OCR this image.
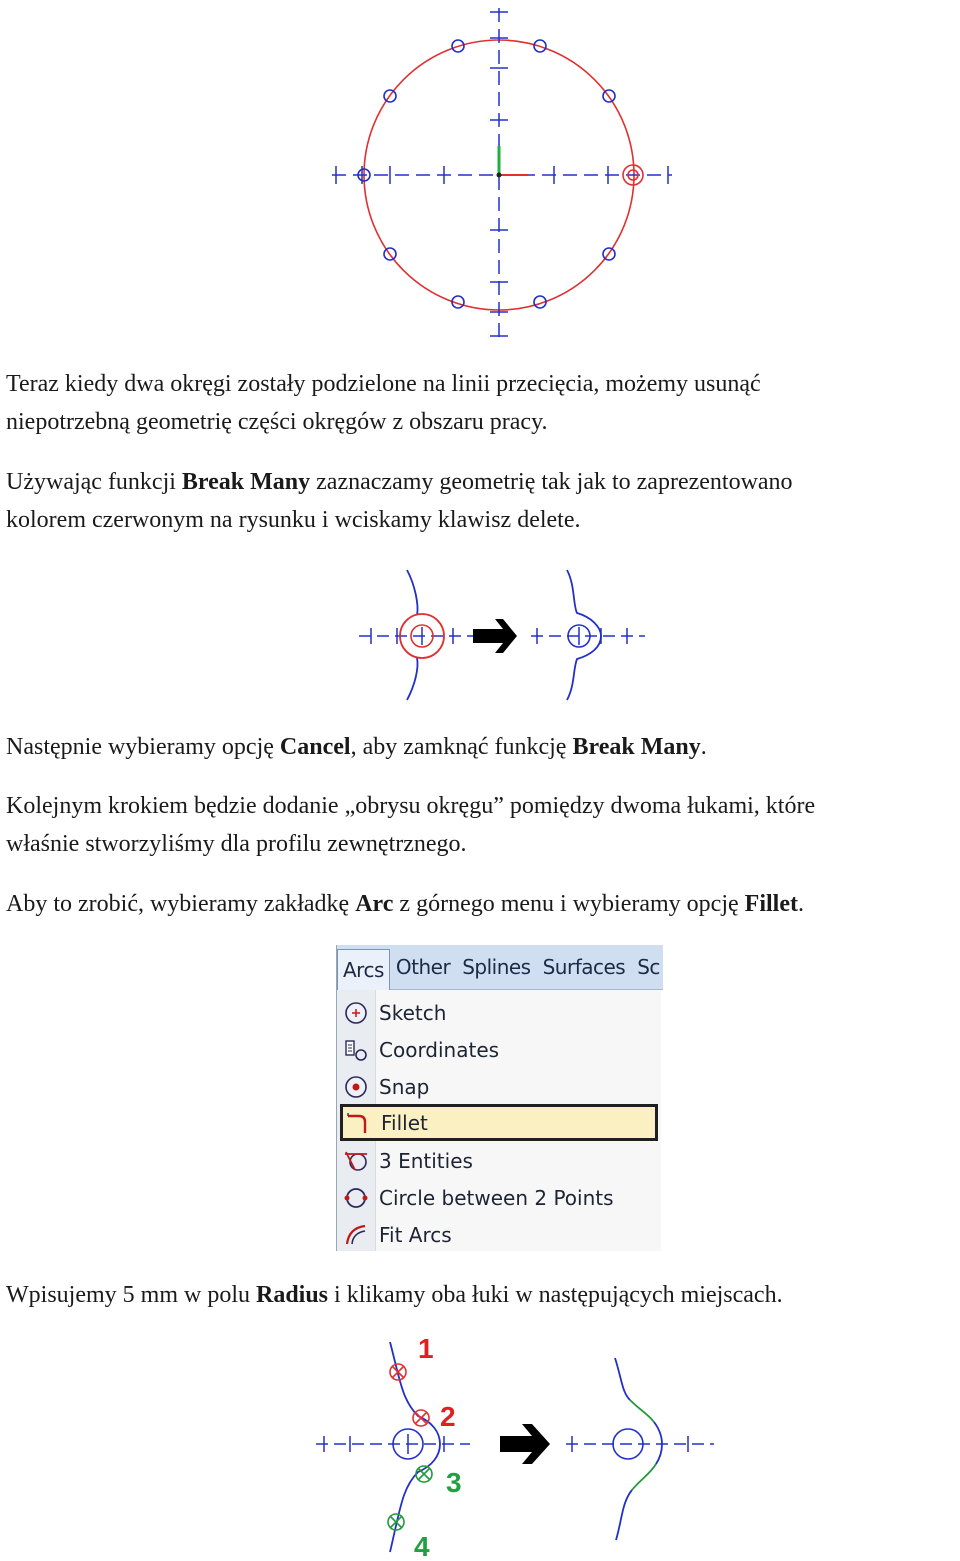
Teraz kiedy dwa okręgi zostały podzielone na linii przecięcia, możemy usunąć
niepotrzebną geometrię części okręgów z obszaru pracy.

Używając funkcji Break Many zaznaczamy geometrię tak jak to zaprezentowano
kolorem czerwonym na rysunku i wciskamy klawisz delete.

Następnie wybieramy opcję Cancel, aby zamknąć funkcję Break Many.

Kolejnym krokiem będzie dodanie „obrysu okręgu” pomiędzy dwoma łukami, które
właśnie stworzyliśmy dla profilu zewnętrznego.

Aby to zrobić, wybieramy zakładkę Arc z górnego menu i wybieramy opcję Fillet.

Arcs Other Splines Surfaces Sc
Sketch
Coordinates
Snap
Fillet
3 Entities
Circle between 2 Points
Fit Arcs

Wpisujemy 5 mm w polu Radius i klikamy oba łuki w następujących miejscach.

1
2
3
4
